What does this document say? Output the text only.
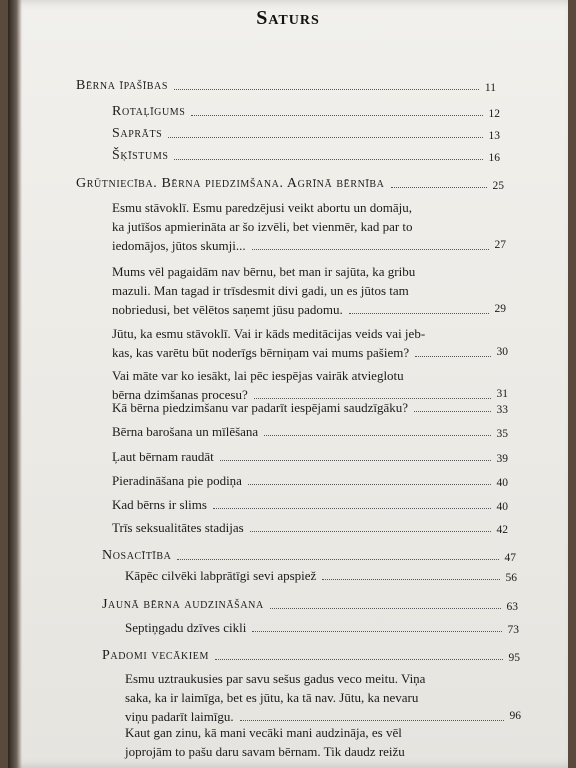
Saturs
Bērna īpašības	11
Rotaļīgums	12
Saprāts	13
Šķīstums	16
Grūtniecība. Bērna piedzimšana. Agrīnā bērnība	25
Esmu stāvoklī. Esmu paredzējusi veikt abortu un domāju,
ka jutīšos apmierināta ar šo izvēli, bet vienmēr, kad par to
iedomājos, jūtos skumji...	27
Mums vēl pagaidām nav bērnu, bet man ir sajūta, ka gribu
mazuli. Man tagad ir trīsdesmit divi gadi, un es jūtos tam
nobriedusi, bet vēlētos saņemt jūsu padomu.	29
Jūtu, ka esmu stāvoklī. Vai ir kāds meditācijas veids vai jeb-
kas, kas varētu būt noderīgs bērniņam vai mums pašiem?	30
Vai māte var ko iesākt, lai pēc iespējas vairāk atvieglotu
bērna dzimšanas procesu?	31
Kā bērna piedzimšanu var padarīt iespējami saudzīgāku?	33
Bērna barošana un mīlēšana	35
Ļaut bērnam raudāt	39
Pieradināšana pie podiņa	40
Kad bērns ir slims	40
Trīs seksualitātes stadijas	42
Nosacītība	47
Kāpēc cilvēki labprātīgi sevi apspiež	56
Jaunā bērna audzināšana	63
Septiņgadu dzīves cikli	73
Padomi vecākiem	95
Esmu uztraukusies par savu sešus gadus veco meitu. Viņa
saka, ka ir laimīga, bet es jūtu, ka tā nav. Jūtu, ka nevaru
viņu padarīt laimīgu.	96
Kaut gan zinu, kā mani vecāki mani audzināja, es vēl
joprojām to pašu daru savam bērnam. Tik daudz reižu
